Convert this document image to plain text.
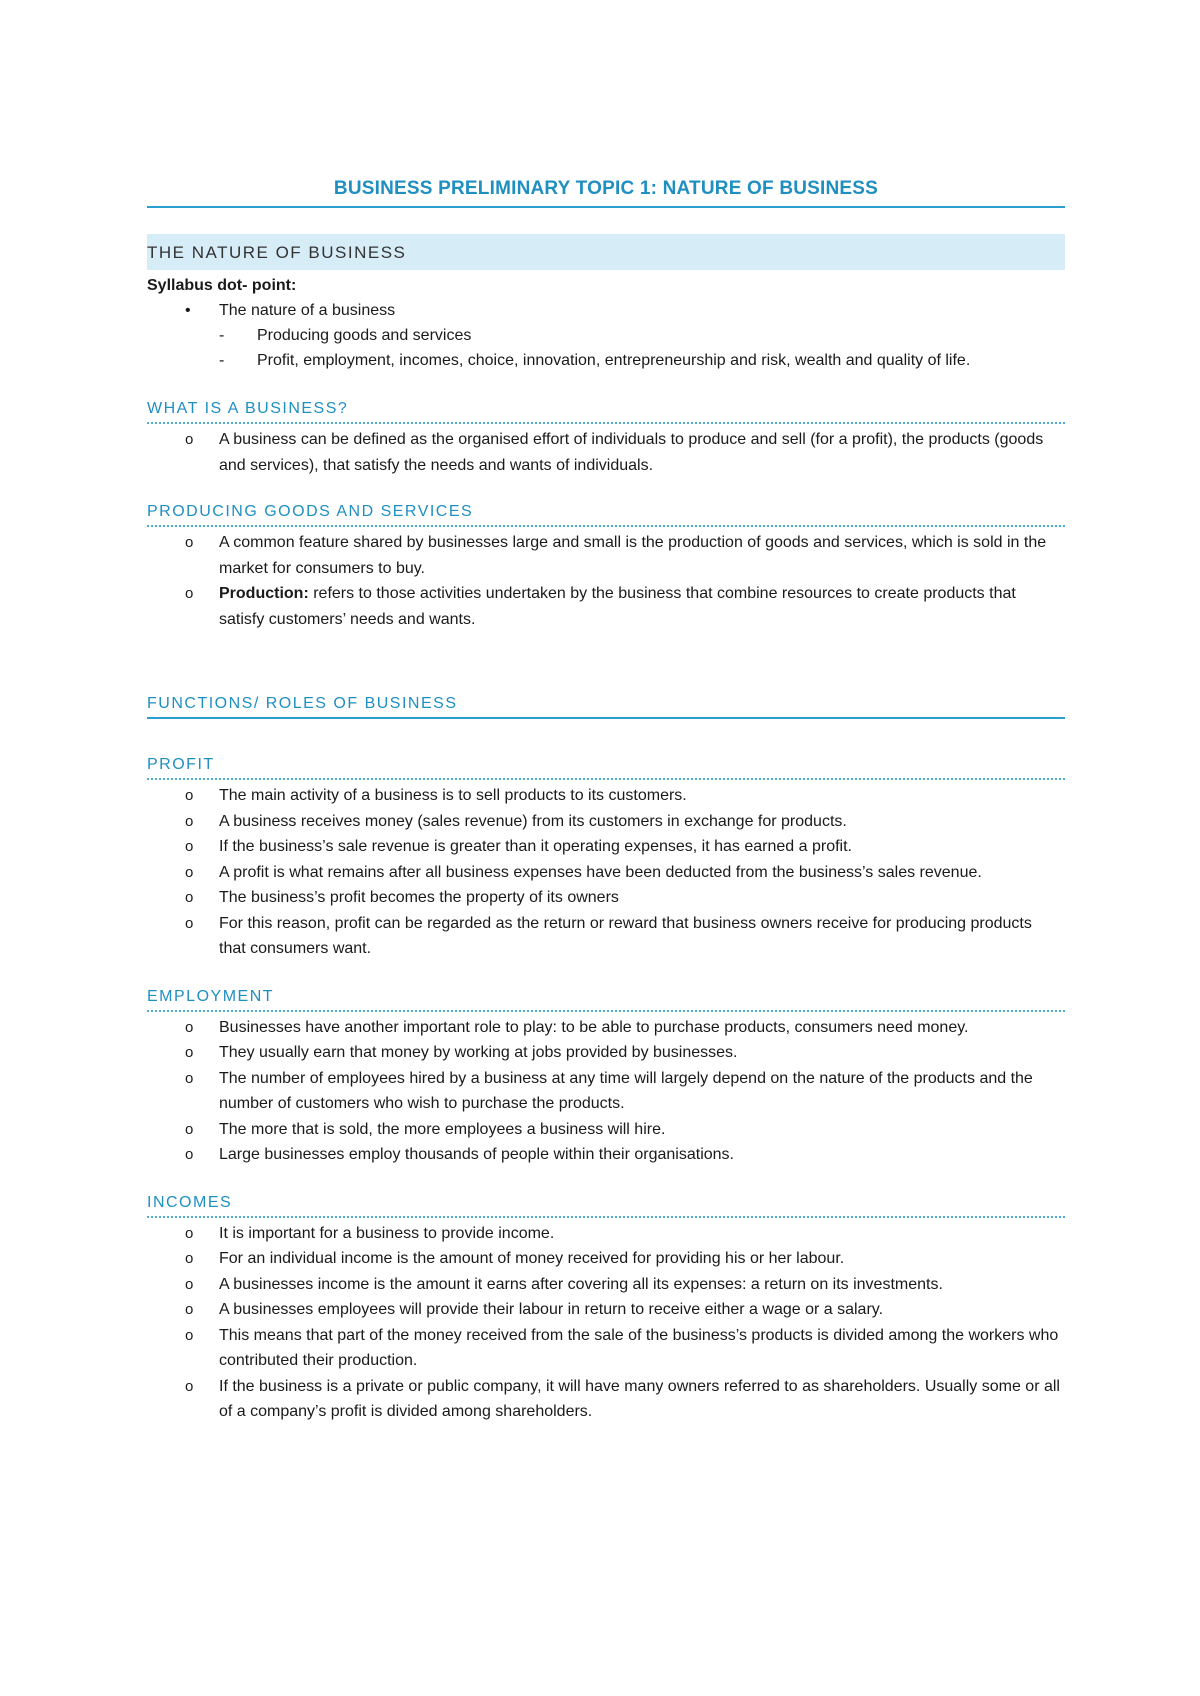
BUSINESS PRELIMINARY TOPIC 1: NATURE OF BUSINESS
THE NATURE OF BUSINESS

Syllabus dot- point:

•	The nature of a business
-	Producing goods and services
-	Profit, employment, incomes, choice, innovation, entrepreneurship and risk, wealth and quality of life.
WHAT IS A BUSINESS?
o	A business can be defined as the organised effort of individuals to produce and sell (for a profit), the products (goods and services), that satisfy the needs and wants of individuals.
PRODUCING GOODS AND SERVICES
o	A common feature shared by businesses large and small is the production of goods and services, which is sold in the market for consumers to buy.
o	Production: refers to those activities undertaken by the business that combine resources to create products that satisfy customers’ needs and wants.
FUNCTIONS/ ROLES OF BUSINESS
PROFIT
o	The main activity of a business is to sell products to its customers.
o	A business receives money (sales revenue) from its customers in exchange for products.
o	If the business’s sale revenue is greater than it operating expenses, it has earned a profit.
o	A profit is what remains after all business expenses have been deducted from the business’s sales revenue.
o	The business’s profit becomes the property of its owners
o	For this reason, profit can be regarded as the return or reward that business owners receive for producing products that consumers want.
EMPLOYMENT
o	Businesses have another important role to play: to be able to purchase products, consumers need money.
o	They usually earn that money by working at jobs provided by businesses.
o	The number of employees hired by a business at any time will largely depend on the nature of the products and the number of customers who wish to purchase the products.
o	The more that is sold, the more employees a business will hire.
o	Large businesses employ thousands of people within their organisations.
INCOMES
o	It is important for a business to provide income.
o	For an individual income is the amount of money received for providing his or her labour.
o	A businesses income is the amount it earns after covering all its expenses: a return on its investments.
o	A businesses employees will provide their labour in return to receive either a wage or a salary.
o	This means that part of the money received from the sale of the business’s products is divided among the workers who contributed their production.
o	If the business is a private or public company, it will have many owners referred to as shareholders. Usually some or all of a company’s profit is divided among shareholders.
